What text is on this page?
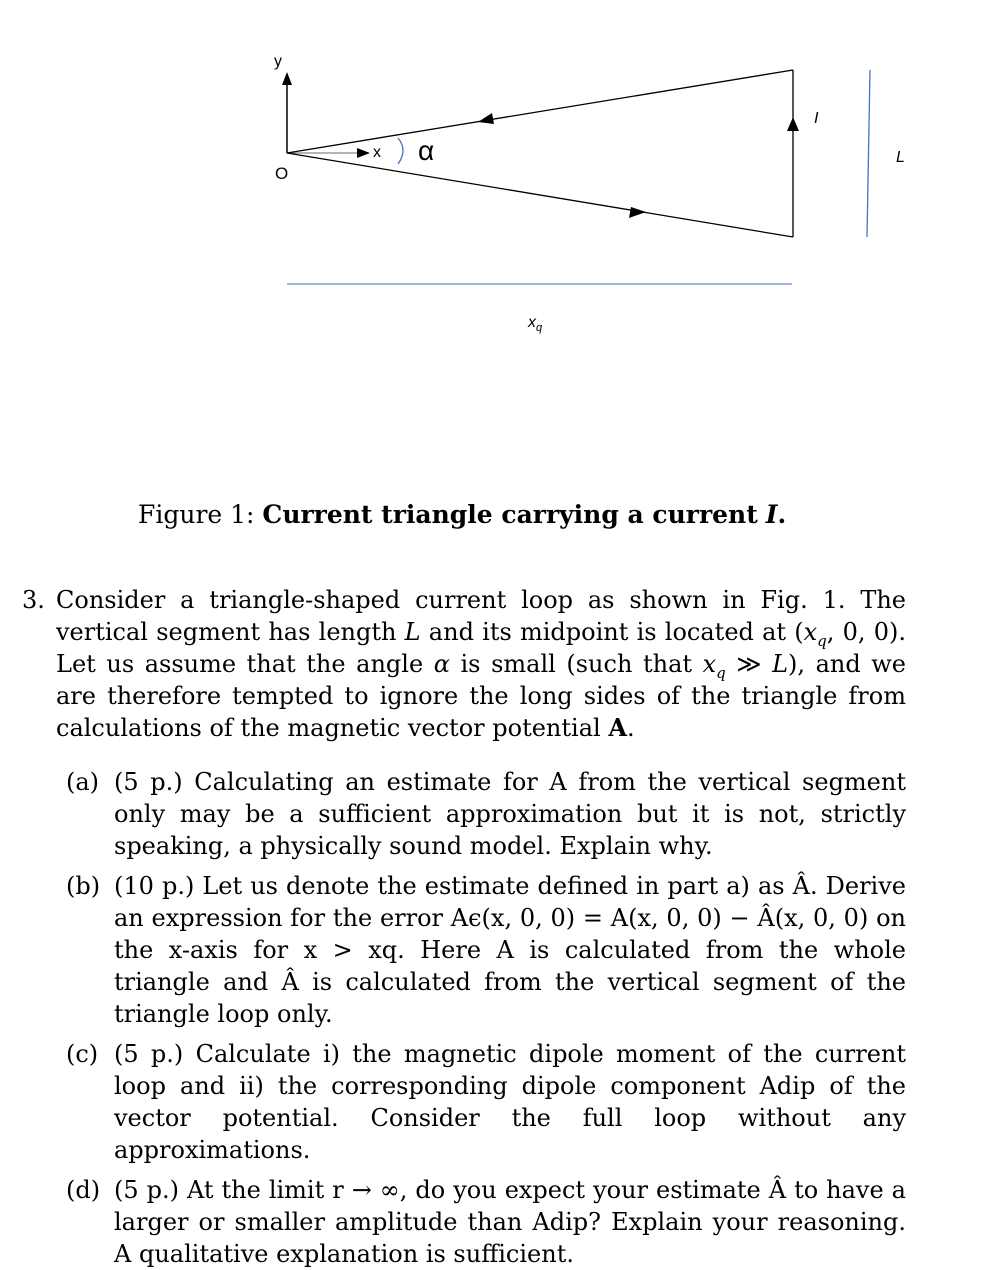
y
x
O
α
I
L
$x_q$
Figure 1: Current triangle carrying a current I.
3. Consider a triangle-shaped current loop as shown in Fig. 1. The vertical segment has length L and its midpoint is located at ($x_q$, 0, 0). Let us assume that the angle α is small (such that $x_q$ ≫ L), and we are therefore tempted to ignore the long sides of the triangle from calculations of the magnetic vector potential A.
(a) (5 p.) Calculating an estimate for A from the vertical segment only may be a sufficient approximation but it is not, strictly speaking, a physically sound model. Explain why.
(b) (10 p.) Let us denote the estimate defined in part a) as Â. Derive an expression for the error Aϵ(x, 0, 0) = A(x, 0, 0) − Â(x, 0, 0) on the x-axis for x > xq. Here A is calculated from the whole triangle and Â is calculated from the vertical segment of the triangle loop only.
(c) (5 p.) Calculate i) the magnetic dipole moment of the current loop and ii) the corresponding dipole component Adip of the vector potential. Consider the full loop without any approximations.
(d) (5 p.) At the limit r → ∞, do you expect your estimate Â to have a larger or smaller amplitude than Adip? Explain your reasoning. A qualitative explanation is sufficient.
